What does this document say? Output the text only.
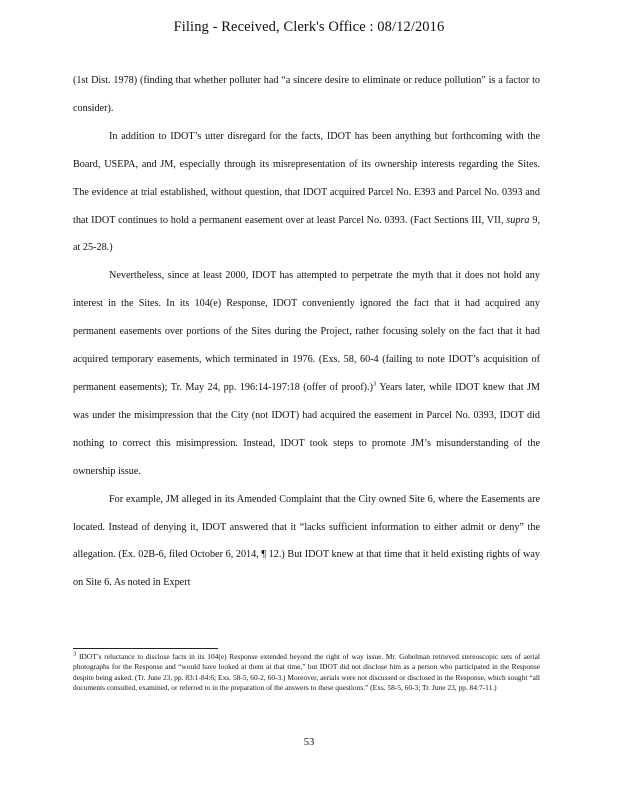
Filing - Received, Clerk's Office : 08/12/2016

(1st Dist. 1978) (finding that whether polluter had “a sincere desire to eliminate or reduce pollution” is a factor to consider).

In addition to IDOT’s utter disregard for the facts, IDOT has been anything but forthcoming with the Board, USEPA, and JM, especially through its misrepresentation of its ownership interests regarding the Sites. The evidence at trial established, without question, that IDOT acquired Parcel No. E393 and Parcel No. 0393 and that IDOT continues to hold a permanent easement over at least Parcel No. 0393. (Fact Sections III, VII, supra 9, at 25-28.)

Nevertheless, since at least 2000, IDOT has attempted to perpetrate the myth that it does not hold any interest in the Sites. In its 104(e) Response, IDOT conveniently ignored the fact that it had acquired any permanent easements over portions of the Sites during the Project, rather focusing solely on the fact that it had acquired temporary easements, which terminated in 1976. (Exs. 58, 60-4 (failing to note IDOT’s acquisition of permanent easements); Tr. May 24, pp. 196:14-197:18 (offer of proof).)$^3$ Years later, while IDOT knew that JM was under the misimpression that the City (not IDOT) had acquired the easement in Parcel No. 0393, IDOT did nothing to correct this misimpression. Instead, IDOT took steps to promote JM’s misunderstanding of the ownership issue.

For example, JM alleged in its Amended Complaint that the City owned Site 6, where the Easements are located. Instead of denying it, IDOT answered that it “lacks sufficient information to either admit or deny” the allegation. (Ex. 02B-6, filed October 6, 2014, ¶ 12.) But IDOT knew at that time that it held existing rights of way on Site 6. As noted in Expert

3 IDOT’s reluctance to disclose facts in its 104(e) Response extended beyond the right of way issue. Mr. Gobelman retrieved stereoscopic sets of aerial photographs for the Response and “would have looked at them at that time,” but IDOT did not disclose him as a person who participated in the Response despite being asked. (Tr. June 23, pp. 83:1-84:6; Exs. 58-5, 60-2, 60-3.) Moreover, aerials were not discussed or disclosed in the Response, which sought “all documents consulted, examined, or referred to in the preparation of the answers to these questions.” (Exs. 58-5, 60-3; Tr. June 23, pp. 84:7-11.)
53
